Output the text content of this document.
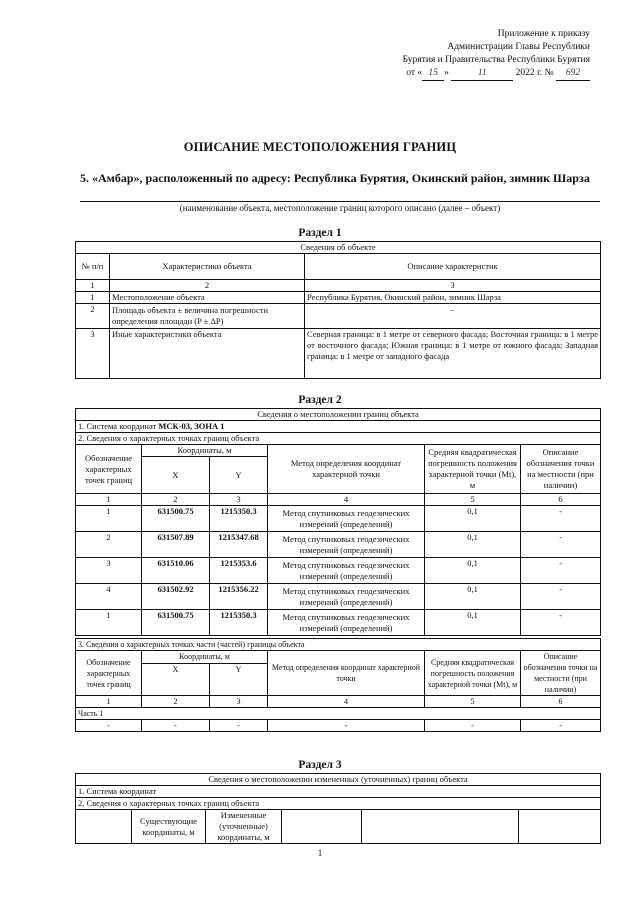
Приложение к приказу
Администрации Главы Республики
Бурятия и Правительства Республики Бурятия
от « 15 »	11	2022 г. № 692
ОПИСАНИЕ МЕСТОПОЛОЖЕНИЯ ГРАНИЦ
5. «Амбар», расположенный по адресу: Республика Бурятия, Окинский район, зимник Шарза
(наименование объекта, местоположение границ которого описано (далее – объект)
Раздел 1
Сведения об объекте		
№ п/п	Характеристики объекта	Описание характеристик
1	2	3
1	Местоположение объекта	Республика Бурятия, Окинский район, зимник Шарза
2	Площадь объекта ± величина погрешности определения площади (P ± ΔP)	–
3	Иные характеристики объекта	Северная граница: в 1 метре от северного фасада; Восточная граница: в 1 метре от восточного фасада; Южная граница: в 1 метре от южного фасада; Западная граница: в 1 метре от западного фасада
Раздел 2
Сведения о местоположении границ объекта					
1. Система координат МСК-03, ЗОНА 1					
2. Сведения о характерных точках границ объекта					
Обозначение характерных точек границ	Координаты, м		Метод определения координат характерной точки	Средняя квадратическая погрешность положения характерной точки (Mt), м	Описание обозначения точки на местности (при наличии)
	X	Y			
1	2	3	4	5	6
1	631500.75	1215350.3	Метод спутниковых геодезических измерений (определений)	0,1	-
2	631507.89	1215347.68	Метод спутниковых геодезических измерений (определений)	0,1	-
3	631510.06	1215353.6	Метод спутниковых геодезических измерений (определений)	0,1	-
4	631502.92	1215356.22	Метод спутниковых геодезических измерений (определений)	0,1	-
1	631500.75	1215350.3	Метод спутниковых геодезических измерений (определений)	0,1	-
3. Сведения о характерных точках части (частей) границы объекта					
Обозначение характерных точек границ	Координаты, м		Метод определения координат характерной точки	Средняя квадратическая погрешность положения характерной точки (Mt), м	Описание обозначения точки на местности (при наличии)
	X	Y			
1	2	3	4	5	6
Часть 1					
-	-	-	-	-	-
Раздел 3
Сведения о местоположении измененных (уточненных) границ объекта
1. Система координат
2. Сведения о характерных точках границ объекта
	Существующие координаты, м	Измененные (уточненные) координаты, м			
1
